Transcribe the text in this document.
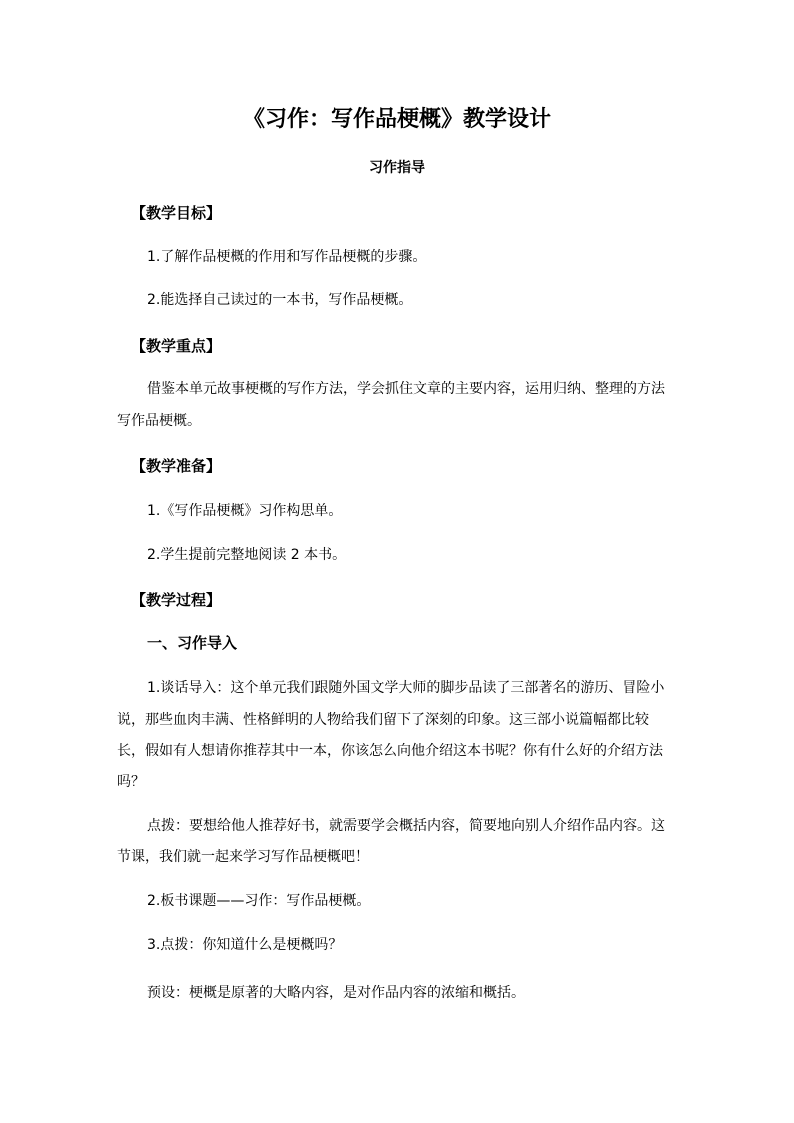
《习作：写作品梗概》教学设计
习作指导
【教学目标】
1.了解作品梗概的作用和写作品梗概的步骤。
2.能选择自己读过的一本书，写作品梗概。
【教学重点】
借鉴本单元故事梗概的写作方法，学会抓住文章的主要内容，运用归纳、整理的方法
写作品梗概。
【教学准备】
1.《写作品梗概》习作构思单。
2.学生提前完整地阅读 2 本书。
【教学过程】
一、习作导入
1.谈话导入：这个单元我们跟随外国文学大师的脚步品读了三部著名的游历、冒险小
说，那些血肉丰满、性格鲜明的人物给我们留下了深刻的印象。这三部小说篇幅都比较
长，假如有人想请你推荐其中一本，你该怎么向他介绍这本书呢？你有什么好的介绍方法
吗？
点拨：要想给他人推荐好书，就需要学会概括内容，简要地向别人介绍作品内容。这
节课，我们就一起来学习写作品梗概吧！
2.板书课题——习作：写作品梗概。
3.点拨：你知道什么是梗概吗？
预设：梗概是原著的大略内容，是对作品内容的浓缩和概括。
